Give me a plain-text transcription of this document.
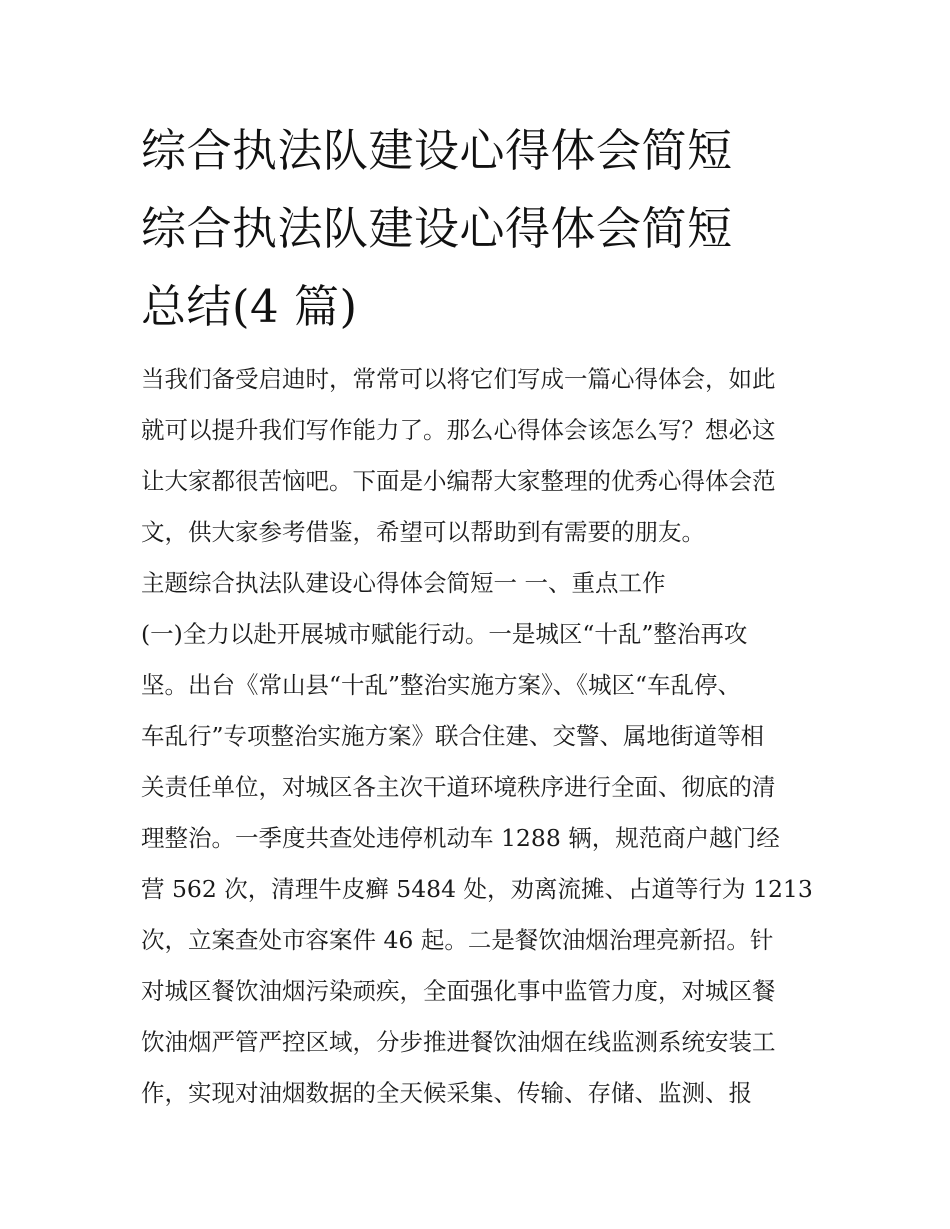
综合执法队建设心得体会简短
综合执法队建设心得体会简短
总结(4 篇)

当我们备受启迪时，常常可以将它们写成一篇心得体会，如此
就可以提升我们写作能力了。那么心得体会该怎么写？想必这
让大家都很苦恼吧。下面是小编帮大家整理的优秀心得体会范
文，供大家参考借鉴，希望可以帮助到有需要的朋友。

主题综合执法队建设心得体会简短一 一、重点工作

(一)全力以赴开展城市赋能行动。一是城区“十乱”整治再攻
坚。出台《常山县“十乱”整治实施方案》、《城区“车乱停、
车乱行”专项整治实施方案》联合住建、交警、属地街道等相
关责任单位，对城区各主次干道环境秩序进行全面、彻底的清
理整治。一季度共查处违停机动车 1288 辆，规范商户越门经
营 562 次，清理牛皮癣 5484 处，劝离流摊、占道等行为 1213
次，立案查处市容案件 46 起。二是餐饮油烟治理亮新招。针
对城区餐饮油烟污染顽疾，全面强化事中监管力度，对城区餐
饮油烟严管严控区域，分步推进餐饮油烟在线监测系统安装工
作，实现对油烟数据的全天候采集、传输、存储、监测、报
